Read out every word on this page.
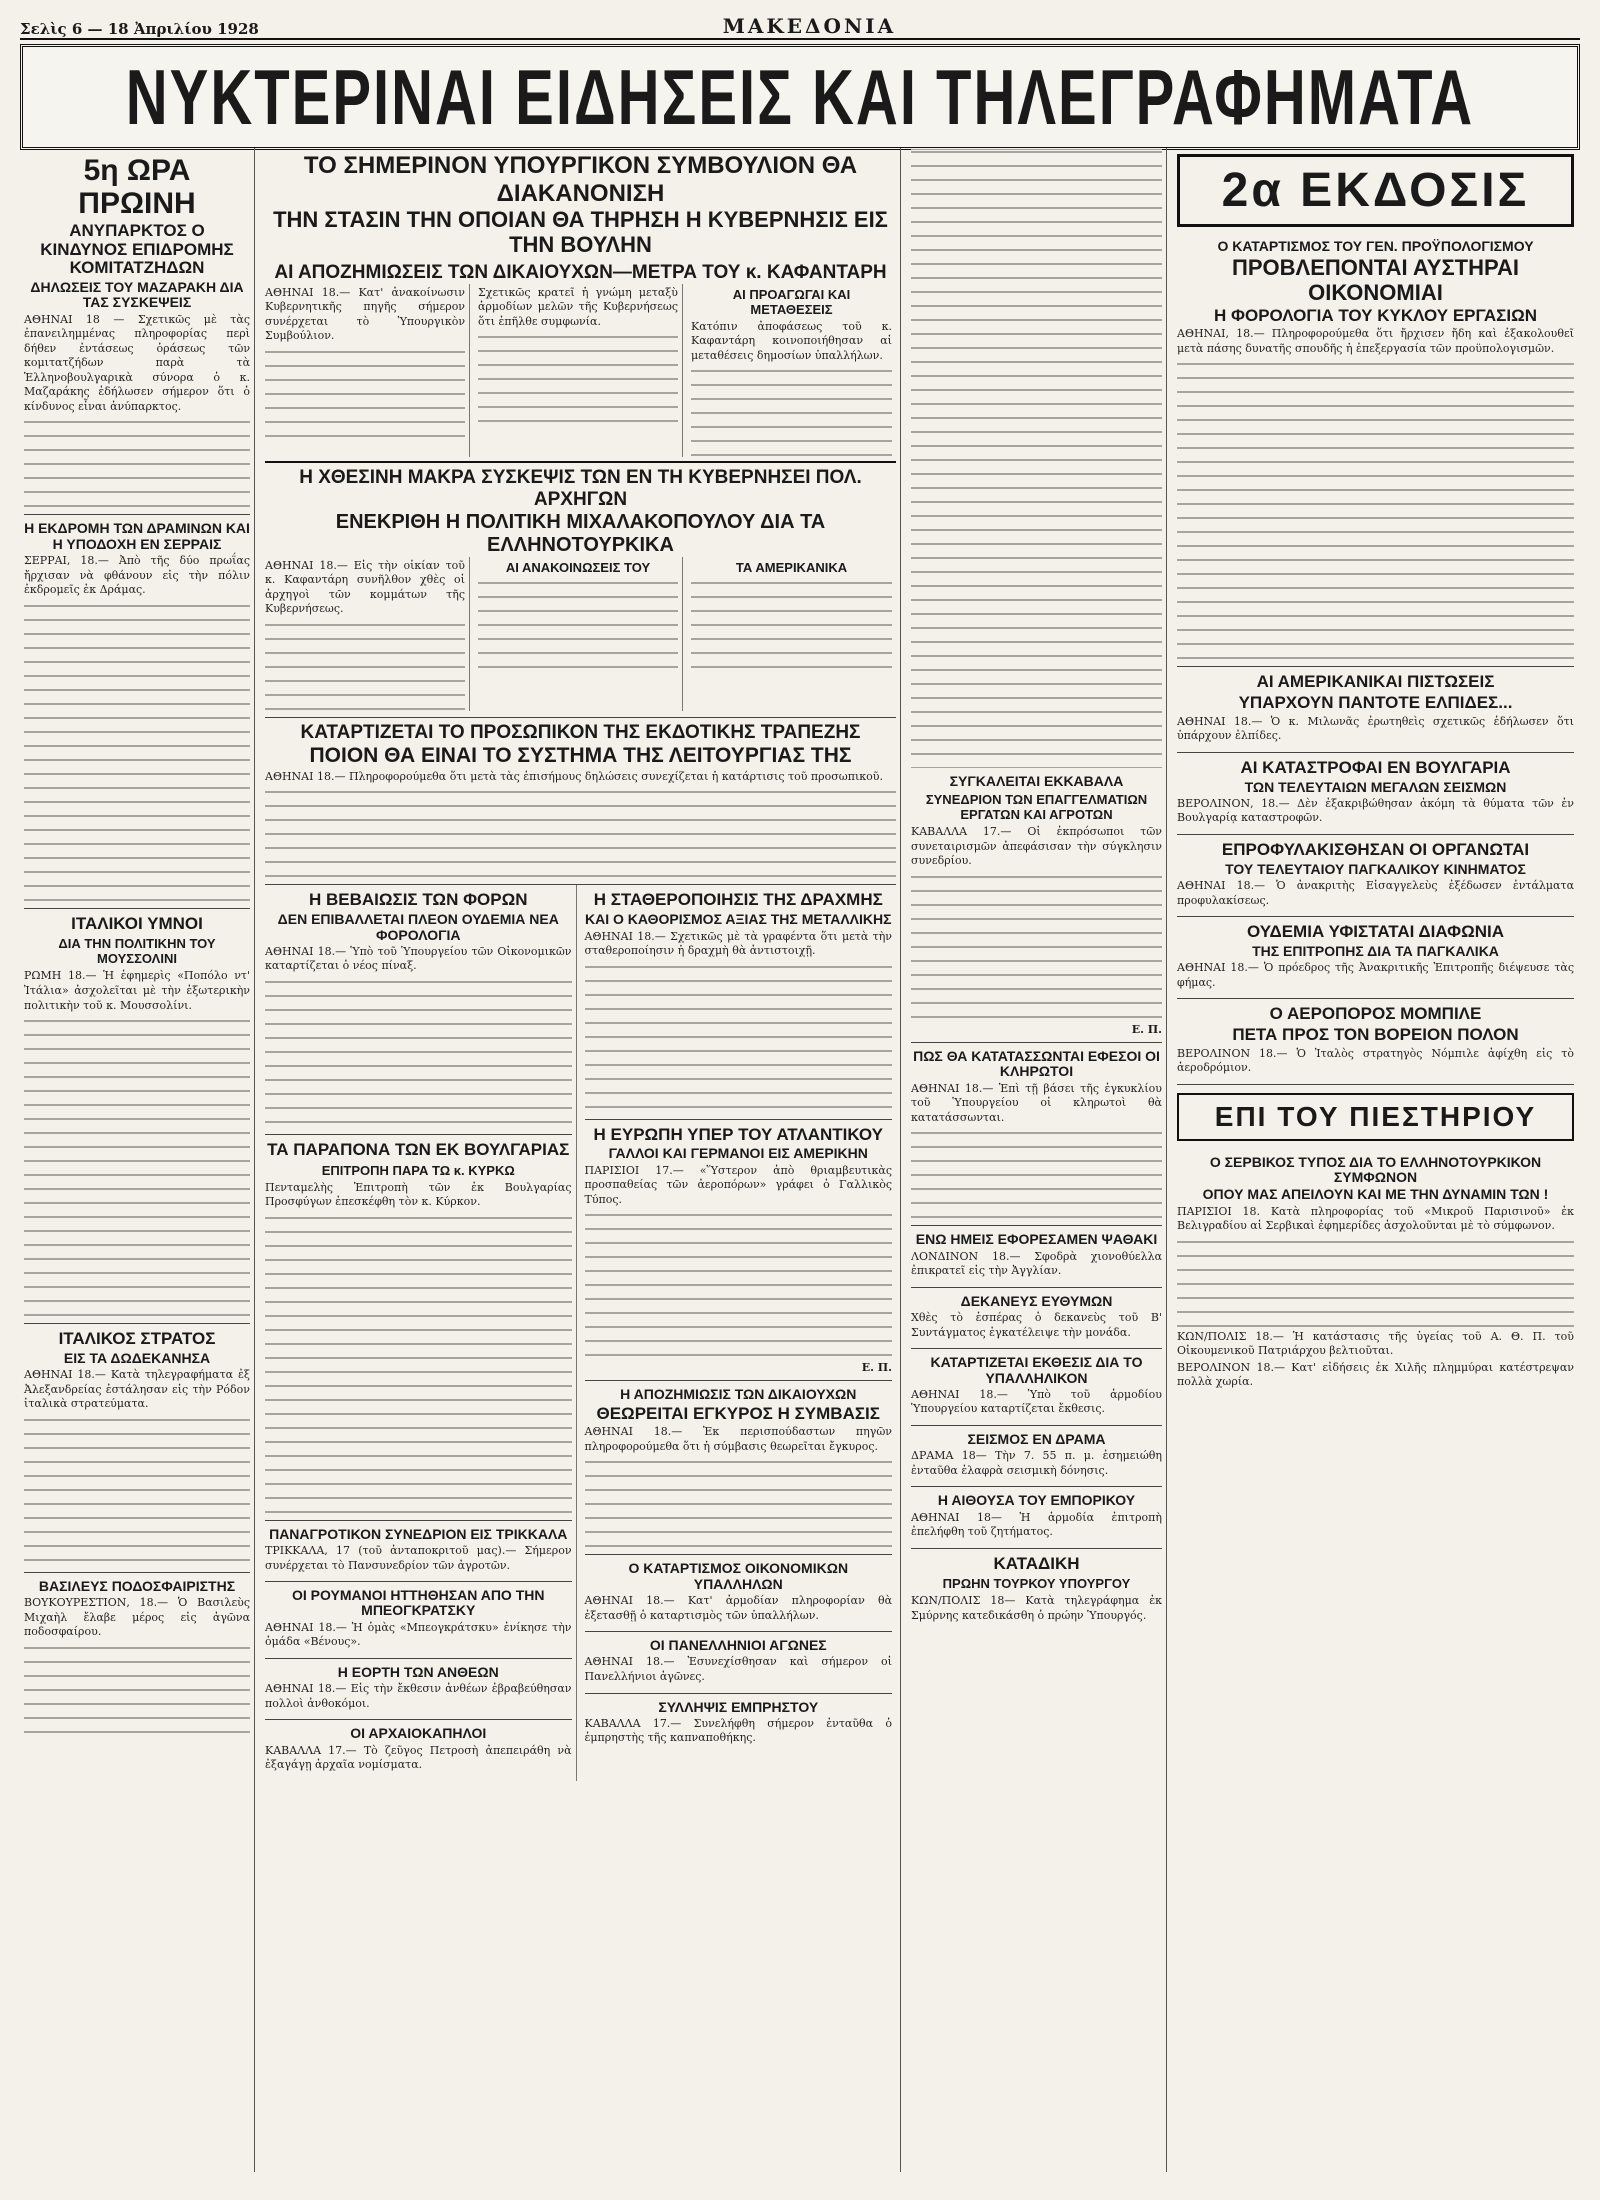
Σελὶς 6 — 18 Ἀπριλίου 1928	ΜΑΚΕΔΟΝΙΑ
ΝΥΚΤΕΡΙΝΑΙ ΕΙΔΗΣΕΙΣ ΚΑΙ ΤΗΛΕΓΡΑΦΗΜΑΤΑ
5η ΩΡΑ ΠΡΩΙΝΗ
ΑΝΥΠΑΡΚΤΟΣ Ο ΚΙΝΔΥΝΟΣ ΕΠΙΔΡΟΜΗΣ ΚΟΜΙΤΑΤΖΗΔΩΝ
ΔΗΛΩΣΕΙΣ ΤΟΥ ΜΑΖΑΡΑΚΗ ΔΙΑ ΤΑΣ ΣΥΣΚΕΨΕΙΣ

ΑΘΗΝΑΙ 18 — Σχετικῶς μὲ τὰς ἐπανειλημμένας πληροφορίας περὶ δήθεν ἐντάσεως ὁράσεως τῶν κομιτατζήδων παρὰ τὰ Ἑλληνοβουλγαρικὰ σύνορα ὁ κ. Μαζαράκης ἐδήλωσεν σήμερον ὅτι ὁ κίνδυνος εἶναι ἀνύπαρκτος.

Η ΕΚΔΡΟΜΗ ΤΩΝ ΔΡΑΜΙΝΩΝ ΚΑΙ Η ΥΠΟΔΟΧΗ ΕΝ ΣΕΡΡΑΙΣ

ΣΕΡΡΑΙ, 18.— Ἀπὸ τῆς δύο πρωΐας ἤρχισαν νὰ φθάνουν εἰς τὴν πόλιν ἐκδρομεῖς ἐκ Δράμας.

ΙΤΑΛΙΚΟΙ ΥΜΝΟΙ
ΔΙΑ ΤΗΝ ΠΟΛΙΤΙΚΗΝ ΤΟΥ ΜΟΥΣΣΟΛΙΝΙ

ΡΩΜΗ 18.— Ἡ ἐφημερὶς «Ποπόλο ντ' Ἰτάλια» ἀσχολεῖται μὲ τὴν ἐξωτερικὴν πολιτικὴν τοῦ κ. Μουσσολίνι.

ΙΤΑΛΙΚΟΣ ΣΤΡΑΤΟΣ
ΕΙΣ ΤΑ ΔΩΔΕΚΑΝΗΣΑ

ΑΘΗΝΑΙ 18.— Κατὰ τηλεγραφήματα ἐξ Ἀλεξανδρείας ἐστάλησαν εἰς τὴν Ρόδον ἰταλικὰ στρατεύματα.

ΒΑΣΙΛΕΥΣ ΠΟΔΟΣΦΑΙΡΙΣΤΗΣ

ΒΟΥΚΟΥΡΕΣΤΙΟΝ, 18.— Ὁ Βασιλεὺς Μιχαὴλ ἔλαβε μέρος εἰς ἀγῶνα ποδοσφαίρου.

ΤΟ ΣΗΜΕΡΙΝΟΝ ΥΠΟΥΡΓΙΚΟΝ ΣΥΜΒΟΥΛΙΟΝ ΘΑ ΔΙΑΚΑΝΟΝΙΣΗ
ΤΗΝ ΣΤΑΣΙΝ ΤΗΝ ΟΠΟΙΑΝ ΘΑ ΤΗΡΗΣΗ Η ΚΥΒΕΡΝΗΣΙΣ ΕΙΣ ΤΗΝ ΒΟΥΛΗΝ
ΑΙ ΑΠΟΖΗΜΙΩΣΕΙΣ ΤΩΝ ΔΙΚΑΙΟΥΧΩΝ—ΜΕΤΡΑ ΤΟΥ κ. ΚΑΦΑΝΤΑΡΗ

ΑΘΗΝΑΙ 18.— Κατ' ἀνακοίνωσιν Κυβερνητικῆς πηγῆς σήμερον συνέρχεται τὸ Ὑπουργικὸν Συμβούλιον.

Σχετικῶς κρατεῖ ἡ γνώμη μεταξὺ ἀρμοδίων μελῶν τῆς Κυβερνήσεως ὅτι ἐπῆλθε συμφωνία.

ΑΙ ΠΡΟΑΓΩΓΑΙ ΚΑΙ ΜΕΤΑΘΕΣΕΙΣ

Κατόπιν ἀποφάσεως τοῦ κ. Καφαντάρη κοινοποιήθησαν αἱ μεταθέσεις δημοσίων ὑπαλλήλων.

Η ΧΘΕΣΙΝΗ ΜΑΚΡΑ ΣΥΣΚΕΨΙΣ ΤΩΝ ΕΝ ΤΗ ΚΥΒΕΡΝΗΣΕΙ ΠΟΛ. ΑΡΧΗΓΩΝ
ΕΝΕΚΡΙΘΗ Η ΠΟΛΙΤΙΚΗ ΜΙΧΑΛΑΚΟΠΟΥΛΟΥ ΔΙΑ ΤΑ ΕΛΛΗΝΟΤΟΥΡΚΙΚΑ

ΑΘΗΝΑΙ 18.— Εἰς τὴν οἰκίαν τοῦ κ. Καφαντάρη συνῆλθον χθὲς οἱ ἀρχηγοὶ τῶν κομμάτων τῆς Κυβερνήσεως.

ΑΙ ΑΝΑΚΟΙΝΩΣΕΙΣ ΤΟΥ	ΤΑ ΑΜΕΡΙΚΑΝΙΚΑ
ΚΑΤΑΡΤΙΖΕΤΑΙ ΤΟ ΠΡΟΣΩΠΙΚΟΝ ΤΗΣ ΕΚΔΟΤΙΚΗΣ ΤΡΑΠΕΖΗΣ
ΠΟΙΟΝ ΘΑ ΕΙΝΑΙ ΤΟ ΣΥΣΤΗΜΑ ΤΗΣ ΛΕΙΤΟΥΡΓΙΑΣ ΤΗΣ

ΑΘΗΝΑΙ 18.— Πληροφορούμεθα ὅτι μετὰ τὰς ἐπισήμους δηλώσεις συνεχίζεται ἡ κατάρτισις τοῦ προσωπικοῦ.

Η ΒΕΒΑΙΩΣΙΣ ΤΩΝ ΦΟΡΩΝ
ΔΕΝ ΕΠΙΒΑΛΛΕΤΑΙ ΠΛΕΟΝ ΟΥΔΕΜΙΑ ΝΕΑ ΦΟΡΟΛΟΓΙΑ

ΑΘΗΝΑΙ 18.— Ὑπὸ τοῦ Ὑπουργείου τῶν Οἰκονομικῶν καταρτίζεται ὁ νέος πίναξ.

ΤΑ ΠΑΡΑΠΟΝΑ ΤΩΝ ΕΚ ΒΟΥΛΓΑΡΙΑΣ
ΕΠΙΤΡΟΠΗ ΠΑΡΑ ΤΩ κ. ΚΥΡΚΩ

Πενταμελὴς Ἐπιτροπὴ τῶν ἐκ Βουλγαρίας Προσφύγων ἐπεσκέφθη τὸν κ. Κύρκον.

ΠΑΝΑΓΡΟΤΙΚΟΝ ΣΥΝΕΔΡΙΟΝ ΕΙΣ ΤΡΙΚΚΑΛΑ

ΤΡΙΚΚΑΛΑ, 17 (τοῦ ἀνταποκριτοῦ μας).— Σήμερον συνέρχεται τὸ Πανσυνεδρίον τῶν ἀγροτῶν.

ΟΙ ΡΟΥΜΑΝΟΙ ΗΤΤΗΘΗΣΑΝ ΑΠΟ ΤΗΝ ΜΠΕΟΓΚΡΑΤΣΚΥ

ΑΘΗΝΑΙ 18.— Ἡ ὁμὰς «Μπεογκράτσκυ» ἐνίκησε τὴν ὁμάδα «Βένους».

Η ΕΟΡΤΗ ΤΩΝ ΑΝΘΕΩΝ

ΑΘΗΝΑΙ 18.— Εἰς τὴν ἔκθεσιν ἀνθέων ἐβραβεύθησαν πολλοὶ ἀνθοκόμοι.

ΟΙ ΑΡΧΑΙΟΚΑΠΗΛΟΙ

ΚΑΒΑΛΛΑ 17.— Τὸ ζεῦγος Πετροσὴ ἀπεπειράθη νὰ ἐξαγάγῃ ἀρχαῖα νομίσματα.

Η ΣΤΑΘΕΡΟΠΟΙΗΣΙΣ ΤΗΣ ΔΡΑΧΜΗΣ
ΚΑΙ Ο ΚΑΘΟΡΙΣΜΟΣ ΑΞΙΑΣ ΤΗΣ ΜΕΤΑΛΛΙΚΗΣ

ΑΘΗΝΑΙ 18.— Σχετικῶς μὲ τὰ γραφέντα ὅτι μετὰ τὴν σταθεροποίησιν ἡ δραχμὴ θὰ ἀντιστοιχῇ.

Η ΕΥΡΩΠΗ ΥΠΕΡ ΤΟΥ ΑΤΛΑΝΤΙΚΟΥ
ΓΑΛΛΟΙ ΚΑΙ ΓΕΡΜΑΝΟΙ ΕΙΣ ΑΜΕΡΙΚΗΝ

ΠΑΡΙΣΙΟΙ 17.— «Ὕστερον ἀπὸ θριαμβευτικὰς προσπαθείας τῶν ἀεροπόρων» γράφει ὁ Γαλλικὸς Τύπος.

Ε. Π.
Η ΑΠΟΖΗΜΙΩΣΙΣ ΤΩΝ ΔΙΚΑΙΟΥΧΩΝ
ΘΕΩΡΕΙΤΑΙ ΕΓΚΥΡΟΣ Η ΣΥΜΒΑΣΙΣ

ΑΘΗΝΑΙ 18.— Ἐκ περισπούδαστων πηγῶν πληροφορούμεθα ὅτι ἡ σύμβασις θεωρεῖται ἔγκυρος.

Ο ΚΑΤΑΡΤΙΣΜΟΣ ΟΙΚΟΝΟΜΙΚΩΝ ΥΠΑΛΛΗΛΩΝ

ΑΘΗΝΑΙ 18.— Κατ' ἀρμοδίαν πληροφορίαν θὰ ἐξετασθῇ ὁ καταρτισμὸς τῶν ὑπαλλήλων.

ΟΙ ΠΑΝΕΛΛΗΝΙΟΙ ΑΓΩΝΕΣ

ΑΘΗΝΑΙ 18.— Ἐσυνεχίσθησαν καὶ σήμερον οἱ Πανελλήνιοι ἀγῶνες.

ΣΥΛΛΗΨΙΣ ΕΜΠΡΗΣΤΟΥ

ΚΑΒΑΛΛΑ 17.— Συνελήφθη σήμερον ἐνταῦθα ὁ ἐμπρηστὴς τῆς καπναποθήκης.

ΣΥΓΚΑΛΕΙΤΑΙ ΕΚΚΑΒΑΛΑ
ΣΥΝΕΔΡΙΟΝ ΤΩΝ ΕΠΑΓΓΕΛΜΑΤΙΩΝ ΕΡΓΑΤΩΝ ΚΑΙ ΑΓΡΟΤΩΝ

ΚΑΒΑΛΛΑ 17.— Οἱ ἐκπρόσωποι τῶν συνεταιρισμῶν ἀπεφάσισαν τὴν σύγκλησιν συνεδρίου.

Ε. Π.
ΠΩΣ ΘΑ ΚΑΤΑΤΑΣΣΩΝΤΑΙ ΕΦΕΣΟΙ ΟΙ ΚΛΗΡΩΤΟΙ

ΑΘΗΝΑΙ 18.— Ἐπὶ τῇ βάσει τῆς ἐγκυκλίου τοῦ Ὑπουργείου οἱ κληρωτοὶ θὰ κατατάσσωνται.

ΕΝΩ ΗΜΕΙΣ ΕΦΟΡΕΣΑΜΕΝ ΨΑΘΑΚΙ

ΛΟΝΔΙΝΟΝ 18.— Σφοδρὰ χιονοθύελλα ἐπικρατεῖ εἰς τὴν Ἀγγλίαν.

ΔΕΚΑΝΕΥΣ ΕΥΘΥΜΩΝ

Χθὲς τὸ ἑσπέρας ὁ δεκανεὺς τοῦ Β' Συντάγματος ἐγκατέλειψε τὴν μονάδα.

ΚΑΤΑΡΤΙΖΕΤΑΙ ΕΚΘΕΣΙΣ ΔΙΑ ΤΟ ΥΠΑΛΛΗΛΙΚΟΝ

ΑΘΗΝΑΙ 18.— Ὑπὸ τοῦ ἁρμοδίου Ὑπουργείου καταρτίζεται ἔκθεσις.

ΣΕΙΣΜΟΣ ΕΝ ΔΡΑΜΑ

ΔΡΑΜΑ 18— Τὴν 7. 55 π. μ. ἐσημειώθη ἐνταῦθα ἐλαφρὰ σεισμικὴ δόνησις.

Η ΑΙΘΟΥΣΑ ΤΟΥ ΕΜΠΟΡΙΚΟΥ

ΑΘΗΝΑΙ 18— Ἡ ἁρμοδία ἐπιτροπὴ ἐπελήφθη τοῦ ζητήματος.

ΚΑΤΑΔΙΚΗ
ΠΡΩΗΝ ΤΟΥΡΚΟΥ ΥΠΟΥΡΓΟΥ

ΚΩΝ/ΠΟΛΙΣ 18— Κατὰ τηλεγράφημα ἐκ Σμύρνης κατεδικάσθη ὁ πρώην Ὑπουργός.

2α ΕΚΔΟΣΙΣ
Ο ΚΑΤΑΡΤΙΣΜΟΣ ΤΟΥ ΓΕΝ. ΠΡΟΫΠΟΛΟΓΙΣΜΟΥ
ΠΡΟΒΛΕΠΟΝΤΑΙ ΑΥΣΤΗΡΑΙ ΟΙΚΟΝΟΜΙΑΙ
Η ΦΟΡΟΛΟΓΙΑ ΤΟΥ ΚΥΚΛΟΥ ΕΡΓΑΣΙΩΝ

ΑΘΗΝΑΙ, 18.— Πληροφορούμεθα ὅτι ἤρχισεν ἤδη καὶ ἐξακολουθεῖ μετὰ πάσης δυνατῆς σπουδῆς ἡ ἐπεξεργασία τῶν προϋπολογισμῶν.

ΑΙ ΑΜΕΡΙΚΑΝΙΚΑΙ ΠΙΣΤΩΣΕΙΣ
ΥΠΑΡΧΟΥΝ ΠΑΝΤΟΤΕ ΕΛΠΙΔΕΣ...

ΑΘΗΝΑΙ 18.— Ὁ κ. Μιλωνᾶς ἐρωτηθεὶς σχετικῶς ἐδήλωσεν ὅτι ὑπάρχουν ἐλπίδες.

ΑΙ ΚΑΤΑΣΤΡΟΦΑΙ ΕΝ ΒΟΥΛΓΑΡΙΑ
ΤΩΝ ΤΕΛΕΥΤΑΙΩΝ ΜΕΓΑΛΩΝ ΣΕΙΣΜΩΝ

ΒΕΡΟΛΙΝΟΝ, 18.— Δὲν ἐξακριβώθησαν ἀκόμη τὰ θύματα τῶν ἐν Βουλγαρίᾳ καταστροφῶν.

ΕΠΡΟΦΥΛΑΚΙΣΘΗΣΑΝ ΟΙ ΟΡΓΑΝΩΤΑΙ
ΤΟΥ ΤΕΛΕΥΤΑΙΟΥ ΠΑΓΚΑΛΙΚΟΥ ΚΙΝΗΜΑΤΟΣ

ΑΘΗΝΑΙ 18.— Ὁ ἀνακριτὴς Εἰσαγγελεὺς ἐξέδωσεν ἐντάλματα προφυλακίσεως.

ΟΥΔΕΜΙΑ ΥΦΙΣΤΑΤΑΙ ΔΙΑΦΩΝΙΑ
ΤΗΣ ΕΠΙΤΡΟΠΗΣ ΔΙΑ ΤΑ ΠΑΓΚΑΛΙΚΑ

ΑΘΗΝΑΙ 18.— Ὁ πρόεδρος τῆς Ἀνακριτικῆς Ἐπιτροπῆς διέψευσε τὰς φήμας.

Ο ΑΕΡΟΠΟΡΟΣ ΜΟΜΠΙΛΕ
ΠΕΤΑ ΠΡΟΣ ΤΟΝ ΒΟΡΕΙΟΝ ΠΟΛΟΝ

ΒΕΡΟΛΙΝΟΝ 18.— Ὁ Ἰταλὸς στρατηγὸς Νόμπιλε ἀφίχθη εἰς τὸ ἀεροδρόμιον.

ΕΠΙ ΤΟΥ ΠΙΕΣΤΗΡΙΟΥ
Ο ΣΕΡΒΙΚΟΣ ΤΥΠΟΣ ΔΙΑ ΤΟ ΕΛΛΗΝΟΤΟΥΡΚΙΚΟΝ ΣΥΜΦΩΝΟΝ
ΟΠΟΥ ΜΑΣ ΑΠΕΙΛΟΥΝ ΚΑΙ ΜΕ ΤΗΝ ΔΥΝΑΜΙΝ ΤΩΝ !

ΠΑΡΙΣΙΟΙ 18. Κατὰ πληροφορίας τοῦ «Μικροῦ Παρισινοῦ» ἐκ Βελιγραδίου αἱ Σερβικαὶ ἐφημερίδες ἀσχολοῦνται μὲ τὸ σύμφωνον.

ΚΩΝ/ΠΟΛΙΣ 18.— Ἡ κατάστασις τῆς ὑγείας τοῦ Α. Θ. Π. τοῦ Οἰκουμενικοῦ Πατριάρχου βελτιοῦται.

ΒΕΡΟΛΙΝΟΝ 18.— Κατ' εἰδήσεις ἐκ Χιλῆς πλημμύραι κατέστρεψαν πολλὰ χωρία.
